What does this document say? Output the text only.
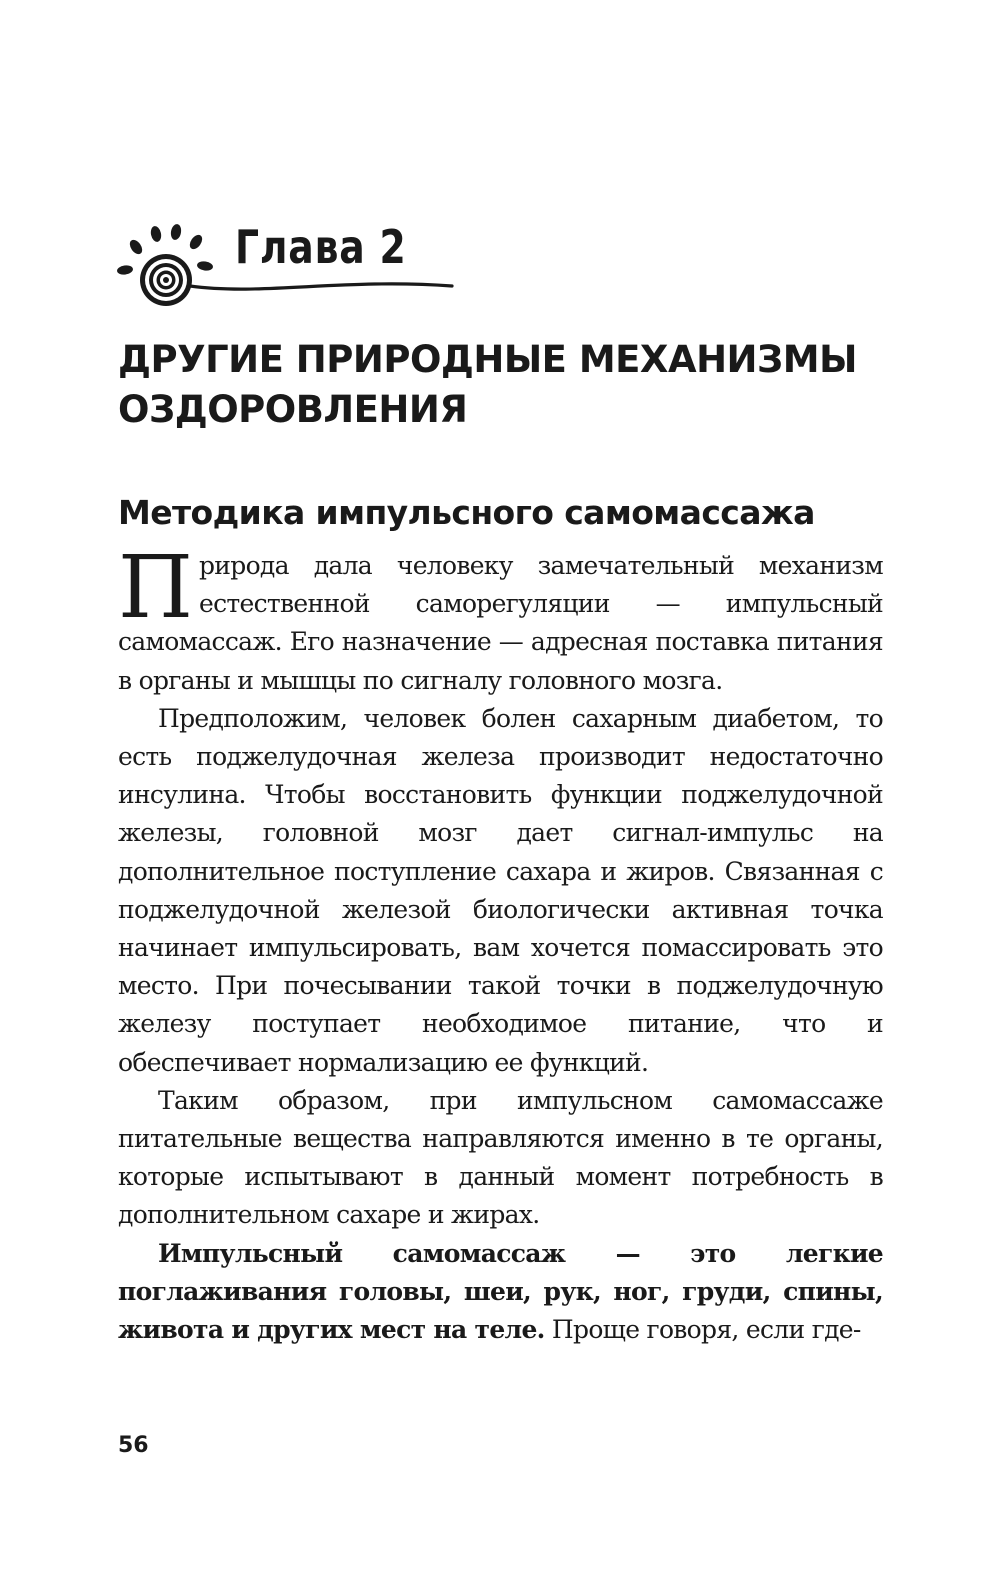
Глава 2
ДРУГИЕ ПРИРОДНЫЕ МЕХАНИЗМЫ ОЗДОРОВЛЕНИЯ
Методика импульсного самомассажа

Природа дала человеку замечательный механизм естественной саморегуляции — импульсный самомассаж. Его назначение — адресная поставка питания в органы и мышцы по сигналу головного мозга.

Предположим, человек болен сахарным диабетом, то есть поджелудочная железа производит недостаточно инсулина. Чтобы восстановить функции поджелудочной железы, головной мозг дает сигнал-импульс на дополнительное поступление сахара и жиров. Связанная с поджелудочной железой биологически активная точка начинает импульсировать, вам хочется помассировать это место. При почесывании такой точки в поджелудочную железу поступает необходимое питание, что и обеспечивает нормализацию ее функций.

Таким образом, при импульсном самомассаже питательные вещества направляются именно в те органы, которые испытывают в данный момент потребность в дополнительном сахаре и жирах.

Импульсный самомассаж — это легкие поглаживания головы, шеи, рук, ног, груди, спины, живота и других мест на теле. Проще говоря, если где-

56
